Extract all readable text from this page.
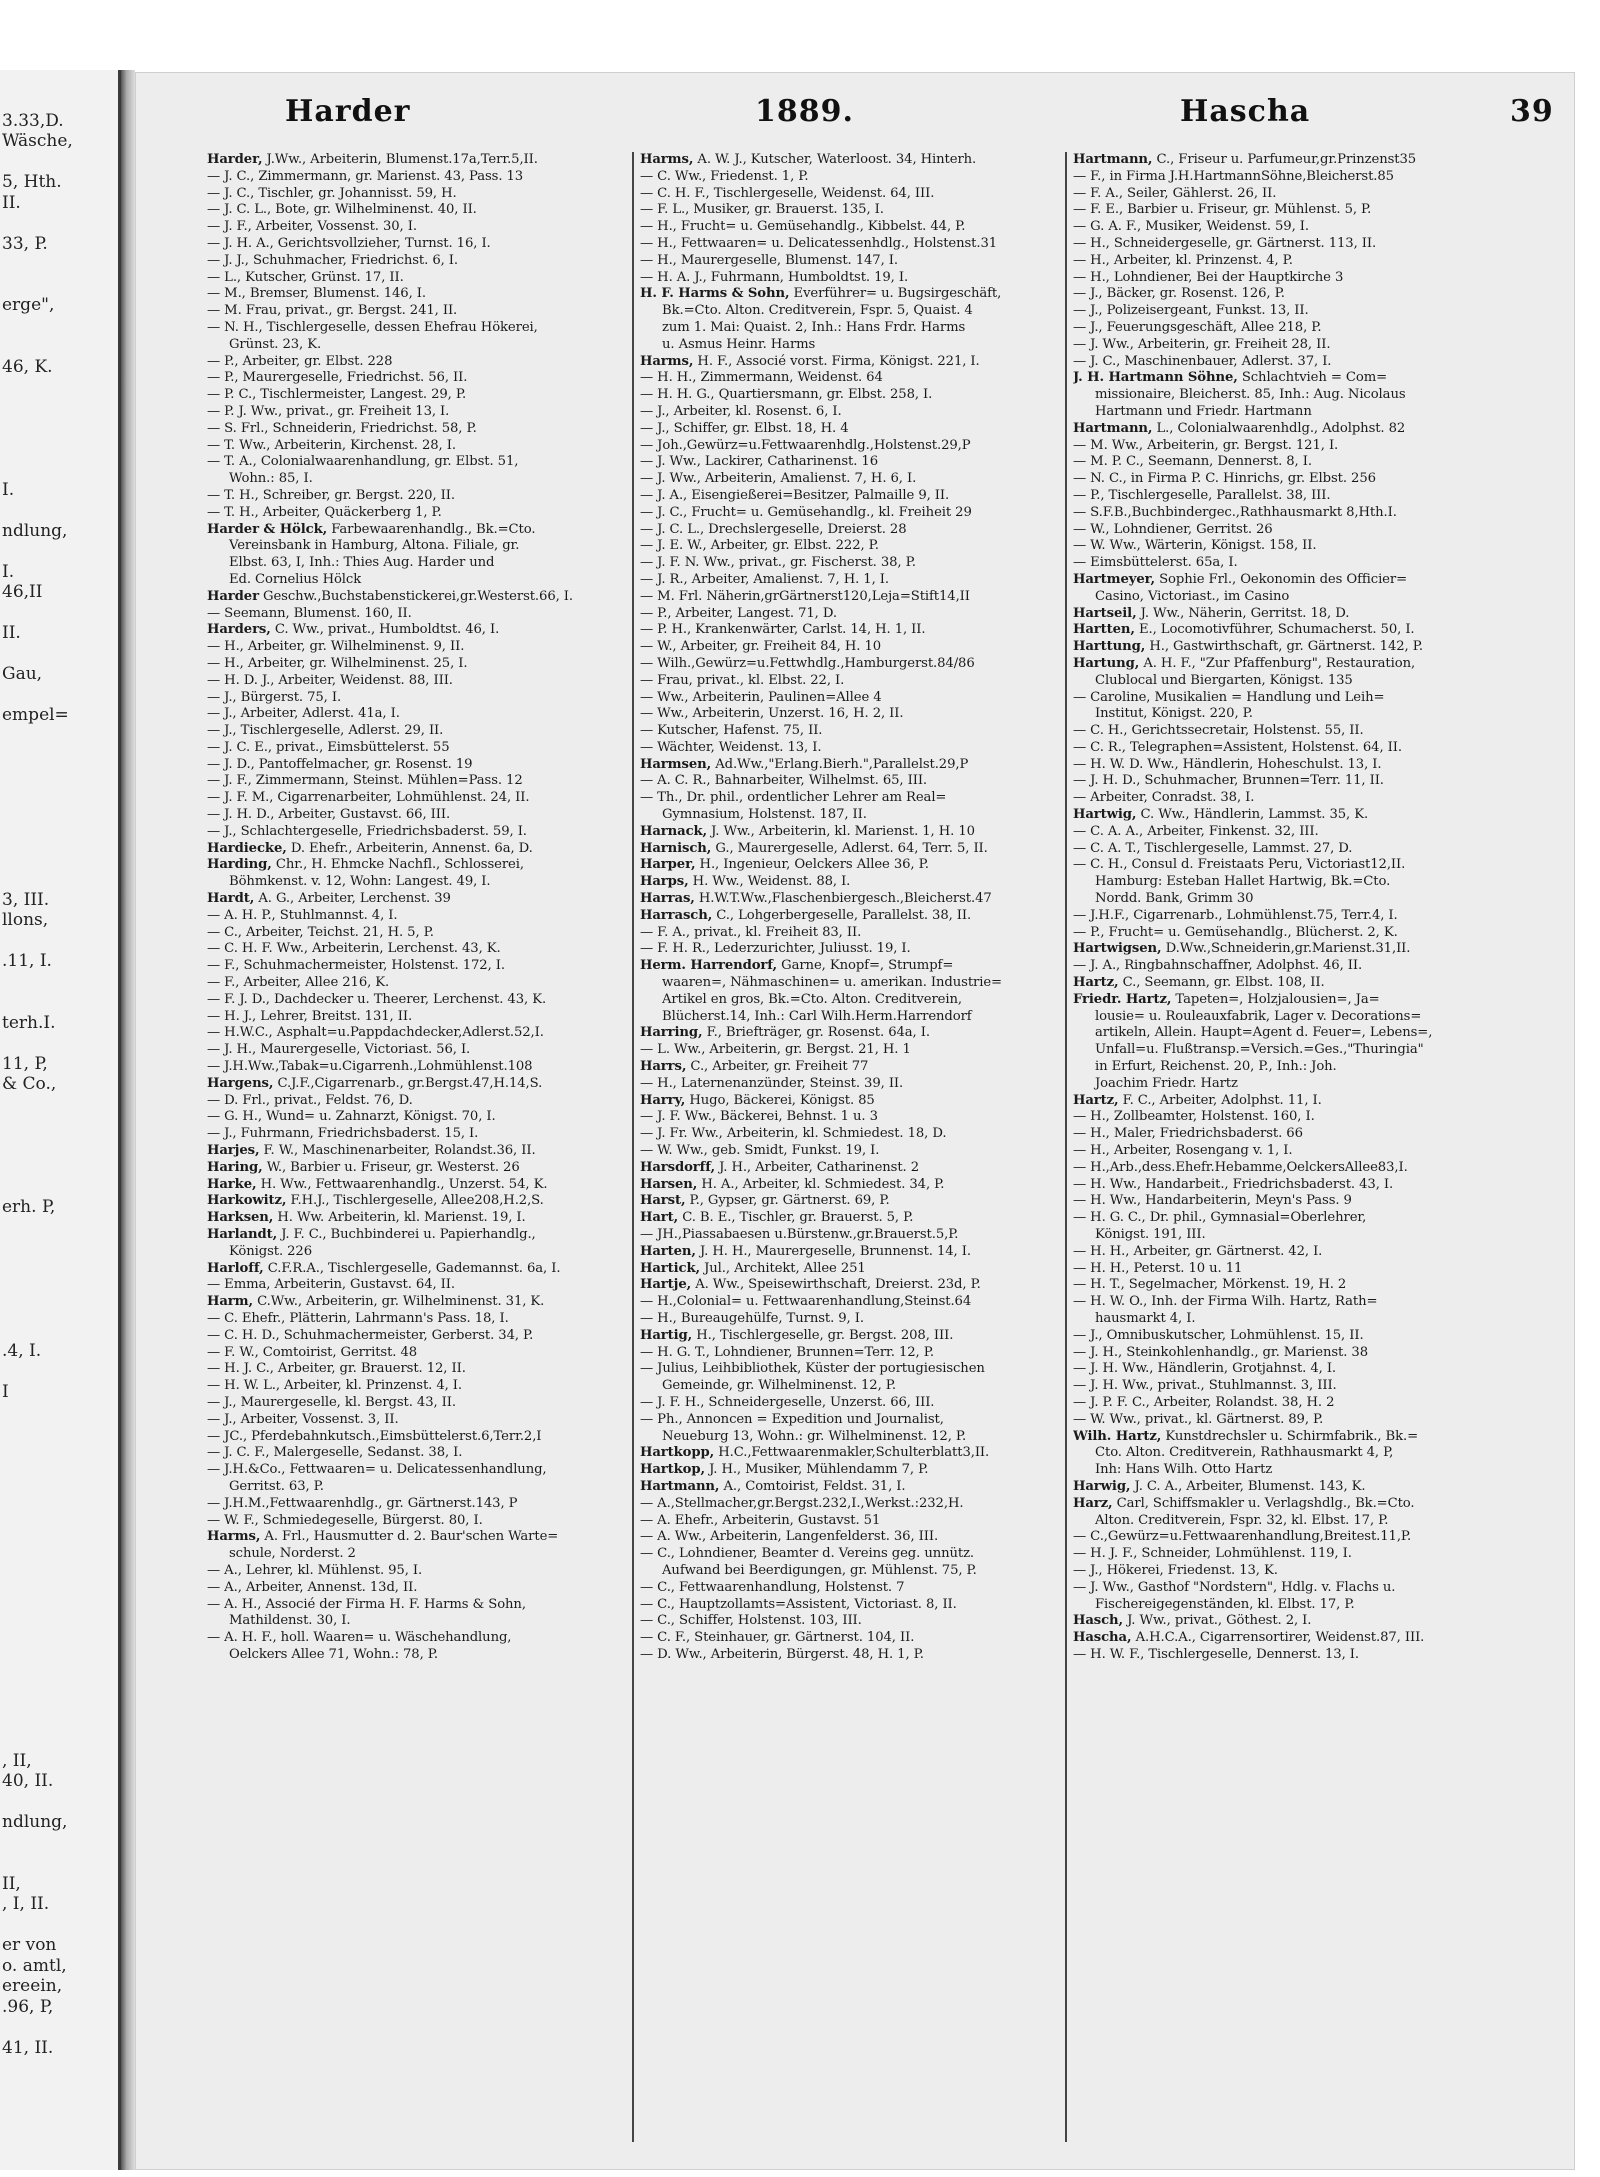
3.33,D.
Wäsche,
5, Hth.
II.
33, P.
erge",
46, K.
I.
ndlung,
I.
46,II
II.
Gau,
empel=
3, III.
llons,
.11, I.
terh.I.
11, P,
& Co.,
erh. P,
.4, I.
I
, II,
40, II.
ndlung,
II,
, I, II.
er von
o. amtl,
ereein,
.96, P,
41, II.
Harder	1889.	Hascha	39
Harder, J.Ww., Arbeiterin, Blumenst.17a,Terr.5,II.
— J. C., Zimmermann, gr. Marienst. 43, Pass. 13
— J. C., Tischler, gr. Johannisst. 59, H.
— J. C. L., Bote, gr. Wilhelminenst. 40, II.
— J. F., Arbeiter, Vossenst. 30, I.
— J. H. A., Gerichtsvollzieher, Turnst. 16, I.
— J. J., Schuhmacher, Friedrichst. 6, I.
— L., Kutscher, Grünst. 17, II.
— M., Bremser, Blumenst. 146, I.
— M. Frau, privat., gr. Bergst. 241, II.
— N. H., Tischlergeselle, dessen Ehefrau Hökerei,
Grünst. 23, K.
— P., Arbeiter, gr. Elbst. 228
— P., Maurergeselle, Friedrichst. 56, II.
— P. C., Tischlermeister, Langest. 29, P.
— P. J. Ww., privat., gr. Freiheit 13, I.
— S. Frl., Schneiderin, Friedrichst. 58, P.
— T. Ww., Arbeiterin, Kirchenst. 28, I.
— T. A., Colonialwaarenhandlung, gr. Elbst. 51,
Wohn.: 85, I.
— T. H., Schreiber, gr. Bergst. 220, II.
— T. H., Arbeiter, Quäckerberg 1, P.
Harder & Hölck, Farbewaarenhandlg., Bk.=Cto.
Vereinsbank in Hamburg, Altona. Filiale, gr.
Elbst. 63, I, Inh.: Thies Aug. Harder und
Ed. Cornelius Hölck
Harder Geschw.,Buchstabenstickerei,gr.Westerst.66, I.
— Seemann, Blumenst. 160, II.
Harders, C. Ww., privat., Humboldtst. 46, I.
— H., Arbeiter, gr. Wilhelminenst. 9, II.
— H., Arbeiter, gr. Wilhelminenst. 25, I.
— H. D. J., Arbeiter, Weidenst. 88, III.
— J., Bürgerst. 75, I.
— J., Arbeiter, Adlerst. 41a, I.
— J., Tischlergeselle, Adlerst. 29, II.
— J. C. E., privat., Eimsbüttelerst. 55
— J. D., Pantoffelmacher, gr. Rosenst. 19
— J. F., Zimmermann, Steinst. Mühlen=Pass. 12
— J. F. M., Cigarrenarbeiter, Lohmühlenst. 24, II.
— J. H. D., Arbeiter, Gustavst. 66, III.
— J., Schlachtergeselle, Friedrichsbaderst. 59, I.
Hardiecke, D. Ehefr., Arbeiterin, Annenst. 6a, D.
Harding, Chr., H. Ehmcke Nachfl., Schlosserei,
Böhmkenst. v. 12, Wohn: Langest. 49, I.
Hardt, A. G., Arbeiter, Lerchenst. 39
— A. H. P., Stuhlmannst. 4, I.
— C., Arbeiter, Teichst. 21, H. 5, P.
— C. H. F. Ww., Arbeiterin, Lerchenst. 43, K.
— F., Schuhmachermeister, Holstenst. 172, I.
— F., Arbeiter, Allee 216, K.
— F. J. D., Dachdecker u. Theerer, Lerchenst. 43, K.
— H. J., Lehrer, Breitst. 131, II.
— H.W.C., Asphalt=u.Pappdachdecker,Adlerst.52,I.
— J. H., Maurergeselle, Victoriast. 56, I.
— J.H.Ww.,Tabak=u.Cigarrenh.,Lohmühlenst.108
Hargens, C.J.F.,Cigarrenarb., gr.Bergst.47,H.14,S.
— D. Frl., privat., Feldst. 76, D.
— G. H., Wund= u. Zahnarzt, Königst. 70, I.
— J., Fuhrmann, Friedrichsbaderst. 15, I.
Harjes, F. W., Maschinenarbeiter, Rolandst.36, II.
Haring, W., Barbier u. Friseur, gr. Westerst. 26
Harke, H. Ww., Fettwaarenhandlg., Unzerst. 54, K.
Harkowitz, F.H.J., Tischlergeselle, Allee208,H.2,S.
Harksen, H. Ww. Arbeiterin, kl. Marienst. 19, I.
Harlandt, J. F. C., Buchbinderei u. Papierhandlg.,
Königst. 226
Harloff, C.F.R.A., Tischlergeselle, Gademannst. 6a, I.
— Emma, Arbeiterin, Gustavst. 64, II.
Harm, C.Ww., Arbeiterin, gr. Wilhelminenst. 31, K.
— C. Ehefr., Plätterin, Lahrmann's Pass. 18, I.
— C. H. D., Schuhmachermeister, Gerberst. 34, P.
— F. W., Comtoirist, Gerritst. 48
— H. J. C., Arbeiter, gr. Brauerst. 12, II.
— H. W. L., Arbeiter, kl. Prinzenst. 4, I.
— J., Maurergeselle, kl. Bergst. 43, II.
— J., Arbeiter, Vossenst. 3, II.
— JC., Pferdebahnkutsch.,Eimsbüttelerst.6,Terr.2,I
— J. C. F., Malergeselle, Sedanst. 38, I.
— J.H.&Co., Fettwaaren= u. Delicatessenhandlung,
Gerritst. 63, P.
— J.H.M.,Fettwaarenhdlg., gr. Gärtnerst.143, P
— W. F., Schmiedegeselle, Bürgerst. 80, I.
Harms, A. Frl., Hausmutter d. 2. Baur'schen Warte=
schule, Norderst. 2
— A., Lehrer, kl. Mühlenst. 95, I.
— A., Arbeiter, Annenst. 13d, II.
— A. H., Associé der Firma H. F. Harms & Sohn,
Mathildenst. 30, I.
— A. H. F., holl. Waaren= u. Wäschehandlung,
Oelckers Allee 71, Wohn.: 78, P.
Harms, A. W. J., Kutscher, Waterloost. 34, Hinterh.
— C. Ww., Friedenst. 1, P.
— C. H. F., Tischlergeselle, Weidenst. 64, III.
— F. L., Musiker, gr. Brauerst. 135, I.
— H., Frucht= u. Gemüsehandlg., Kibbelst. 44, P.
— H., Fettwaaren= u. Delicatessenhdlg., Holstenst.31
— H., Maurergeselle, Blumenst. 147, I.
— H. A. J., Fuhrmann, Humboldtst. 19, I.
H. F. Harms & Sohn, Everführer= u. Bugsirgeschäft,
Bk.=Cto. Alton. Creditverein, Fspr. 5, Quaist. 4
zum 1. Mai: Quaist. 2, Inh.: Hans Frdr. Harms
u. Asmus Heinr. Harms
Harms, H. F., Associé vorst. Firma, Königst. 221, I.
— H. H., Zimmermann, Weidenst. 64
— H. H. G., Quartiersmann, gr. Elbst. 258, I.
— J., Arbeiter, kl. Rosenst. 6, I.
— J., Schiffer, gr. Elbst. 18, H. 4
— Joh.,Gewürz=u.Fettwaarenhdlg.,Holstenst.29,P
— J. Ww., Lackirer, Catharinenst. 16
— J. Ww., Arbeiterin, Amalienst. 7, H. 6, I.
— J. A., Eisengießerei=Besitzer, Palmaille 9, II.
— J. C., Frucht= u. Gemüsehandlg., kl. Freiheit 29
— J. C. L., Drechslergeselle, Dreierst. 28
— J. E. W., Arbeiter, gr. Elbst. 222, P.
— J. F. N. Ww., privat., gr. Fischerst. 38, P.
— J. R., Arbeiter, Amalienst. 7, H. 1, I.
— M. Frl. Näherin,grGärtnerst120,Leja=Stift14,II
— P., Arbeiter, Langest. 71, D.
— P. H., Krankenwärter, Carlst. 14, H. 1, II.
— W., Arbeiter, gr. Freiheit 84, H. 10
— Wilh.,Gewürz=u.Fettwhdlg.,Hamburgerst.84/86
— Frau, privat., kl. Elbst. 22, I.
— Ww., Arbeiterin, Paulinen=Allee 4
— Ww., Arbeiterin, Unzerst. 16, H. 2, II.
— Kutscher, Hafenst. 75, II.
— Wächter, Weidenst. 13, I.
Harmsen, Ad.Ww.,"Erlang.Bierh.",Parallelst.29,P
— A. C. R., Bahnarbeiter, Wilhelmst. 65, III.
— Th., Dr. phil., ordentlicher Lehrer am Real=
Gymnasium, Holstenst. 187, II.
Harnack, J. Ww., Arbeiterin, kl. Marienst. 1, H. 10
Harnisch, G., Maurergeselle, Adlerst. 64, Terr. 5, II.
Harper, H., Ingenieur, Oelckers Allee 36, P.
Harps, H. Ww., Weidenst. 88, I.
Harras, H.W.T.Ww.,Flaschenbiergesch.,Bleicherst.47
Harrasch, C., Lohgerbergeselle, Parallelst. 38, II.
— F. A., privat., kl. Freiheit 83, II.
— F. H. R., Lederzurichter, Juliusst. 19, I.
Herm. Harrendorf, Garne, Knopf=, Strumpf=
waaren=, Nähmaschinen= u. amerikan. Industrie=
Artikel en gros, Bk.=Cto. Alton. Creditverein,
Blücherst.14, Inh.: Carl Wilh.Herm.Harrendorf
Harring, F., Briefträger, gr. Rosenst. 64a, I.
— L. Ww., Arbeiterin, gr. Bergst. 21, H. 1
Harrs, C., Arbeiter, gr. Freiheit 77
— H., Laternenanzünder, Steinst. 39, II.
Harry, Hugo, Bäckerei, Königst. 85
— J. F. Ww., Bäckerei, Behnst. 1 u. 3
— J. Fr. Ww., Arbeiterin, kl. Schmiedest. 18, D.
— W. Ww., geb. Smidt, Funkst. 19, I.
Harsdorff, J. H., Arbeiter, Catharinenst. 2
Harsen, H. A., Arbeiter, kl. Schmiedest. 34, P.
Harst, P., Gypser, gr. Gärtnerst. 69, P.
Hart, C. B. E., Tischler, gr. Brauerst. 5, P.
— JH.,Piassabaesen u.Bürstenw.,gr.Brauerst.5,P.
Harten, J. H. H., Maurergeselle, Brunnenst. 14, I.
Hartick, Jul., Architekt, Allee 251
Hartje, A. Ww., Speisewirthschaft, Dreierst. 23d, P.
— H.,Colonial= u. Fettwaarenhandlung,Steinst.64
— H., Bureaugehülfe, Turnst. 9, I.
Hartig, H., Tischlergeselle, gr. Bergst. 208, III.
— H. G. T., Lohndiener, Brunnen=Terr. 12, P.
— Julius, Leihbibliothek, Küster der portugiesischen
Gemeinde, gr. Wilhelminenst. 12, P.
— J. F. H., Schneidergeselle, Unzerst. 66, III.
— Ph., Annoncen = Expedition und Journalist,
Neueburg 13, Wohn.: gr. Wilhelminenst. 12, P.
Hartkopp, H.C.,Fettwaarenmakler,Schulterblatt3,II.
Hartkop, J. H., Musiker, Mühlendamm 7, P.
Hartmann, A., Comtoirist, Feldst. 31, I.
— A.,Stellmacher,gr.Bergst.232,I.,Werkst.:232,H.
— A. Ehefr., Arbeiterin, Gustavst. 51
— A. Ww., Arbeiterin, Langenfelderst. 36, III.
— C., Lohndiener, Beamter d. Vereins geg. unnütz.
Aufwand bei Beerdigungen, gr. Mühlenst. 75, P.
— C., Fettwaarenhandlung, Holstenst. 7
— C., Hauptzollamts=Assistent, Victoriast. 8, II.
— C., Schiffer, Holstenst. 103, III.
— C. F., Steinhauer, gr. Gärtnerst. 104, II.
— D. Ww., Arbeiterin, Bürgerst. 48, H. 1, P.
Hartmann, C., Friseur u. Parfumeur,gr.Prinzenst35
— F., in Firma J.H.HartmannSöhne,Bleicherst.85
— F. A., Seiler, Gählerst. 26, II.
— F. E., Barbier u. Friseur, gr. Mühlenst. 5, P.
— G. A. F., Musiker, Weidenst. 59, I.
— H., Schneidergeselle, gr. Gärtnerst. 113, II.
— H., Arbeiter, kl. Prinzenst. 4, P.
— H., Lohndiener, Bei der Hauptkirche 3
— J., Bäcker, gr. Rosenst. 126, P.
— J., Polizeisergeant, Funkst. 13, II.
— J., Feuerungsgeschäft, Allee 218, P.
— J. Ww., Arbeiterin, gr. Freiheit 28, II.
— J. C., Maschinenbauer, Adlerst. 37, I.
J. H. Hartmann Söhne, Schlachtvieh = Com=
missionaire, Bleicherst. 85, Inh.: Aug. Nicolaus
Hartmann und Friedr. Hartmann
Hartmann, L., Colonialwaarenhdlg., Adolphst. 82
— M. Ww., Arbeiterin, gr. Bergst. 121, I.
— M. P. C., Seemann, Dennerst. 8, I.
— N. C., in Firma P. C. Hinrichs, gr. Elbst. 256
— P., Tischlergeselle, Parallelst. 38, III.
— S.F.B.,Buchbindergeс.,Rathhausmarkt 8,Hth.I.
— W., Lohndiener, Gerritst. 26
— W. Ww., Wärterin, Königst. 158, II.
— Eimsbüttelerst. 65a, I.
Hartmeyer, Sophie Frl., Oekonomin des Officier=
Casino, Victoriast., im Casino
Hartseil, J. Ww., Näherin, Gerritst. 18, D.
Hartten, E., Locomotivführer, Schumacherst. 50, I.
Harttung, H., Gastwirthschaft, gr. Gärtnerst. 142, P.
Hartung, A. H. F., "Zur Pfaffenburg", Restauration,
Clublocal und Biergarten, Königst. 135
— Caroline, Musikalien = Handlung und Leih=
Institut, Königst. 220, P.
— C. H., Gerichtssecretair, Holstenst. 55, II.
— C. R., Telegraphen=Assistent, Holstenst. 64, II.
— H. W. D. Ww., Händlerin, Hoheschulst. 13, I.
— J. H. D., Schuhmacher, Brunnen=Terr. 11, II.
— Arbeiter, Conradst. 38, I.
Hartwig, C. Ww., Händlerin, Lammst. 35, K.
— C. A. A., Arbeiter, Finkenst. 32, III.
— C. A. T., Tischlergeselle, Lammst. 27, D.
— C. H., Consul d. Freistaats Peru, Victoriast12,II.
Hamburg: Esteban Hallet Hartwig, Bk.=Cto.
Nordd. Bank, Grimm 30
— J.H.F., Cigarrenarb., Lohmühlenst.75, Terr.4, I.
— P., Frucht= u. Gemüsehandlg., Blücherst. 2, K.
Hartwigsen, D.Ww.,Schneiderin,gr.Marienst.31,II.
— J. A., Ringbahnschaffner, Adolphst. 46, II.
Hartz, C., Seemann, gr. Elbst. 108, II.
Friedr. Hartz, Tapeten=, Holzjalousien=, Ja=
lousie= u. Rouleauxfabrik, Lager v. Decorations=
artikeln, Allein. Haupt=Agent d. Feuer=, Lebens=,
Unfall=u. Flußtransp.=Versich.=Ges.,"Thuringia"
in Erfurt, Reichenst. 20, P., Inh.: Joh.
Joachim Friedr. Hartz
Hartz, F. C., Arbeiter, Adolphst. 11, I.
— H., Zollbeamter, Holstenst. 160, I.
— H., Maler, Friedrichsbaderst. 66
— H., Arbeiter, Rosengang v. 1, I.
— H.,Arb.,dess.Ehefr.Hebamme,OelckersAllee83,I.
— H. Ww., Handarbeit., Friedrichsbaderst. 43, I.
— H. Ww., Handarbeiterin, Meyn's Pass. 9
— H. G. C., Dr. phil., Gymnasial=Oberlehrer,
Königst. 191, III.
— H. H., Arbeiter, gr. Gärtnerst. 42, I.
— H. H., Peterst. 10 u. 11
— H. T., Segelmacher, Mörkenst. 19, H. 2
— H. W. O., Inh. der Firma Wilh. Hartz, Rath=
hausmarkt 4, I.
— J., Omnibuskutscher, Lohmühlenst. 15, II.
— J. H., Steinkohlenhandlg., gr. Marienst. 38
— J. H. Ww., Händlerin, Grotjahnst. 4, I.
— J. H. Ww., privat., Stuhlmannst. 3, III.
— J. P. F. C., Arbeiter, Rolandst. 38, H. 2
— W. Ww., privat., kl. Gärtnerst. 89, P.
Wilh. Hartz, Kunstdrechsler u. Schirmfabrik., Bk.=
Cto. Alton. Creditverein, Rathhausmarkt 4, P,
Inh: Hans Wilh. Otto Hartz
Harwig, J. C. A., Arbeiter, Blumenst. 143, K.
Harz, Carl, Schiffsmakler u. Verlagshdlg., Bk.=Cto.
Alton. Creditverein, Fspr. 32, kl. Elbst. 17, P.
— C.,Gewürz=u.Fettwaarenhandlung,Breitest.11,P.
— H. J. F., Schneider, Lohmühlenst. 119, I.
— J., Hökerei, Friedenst. 13, K.
— J. Ww., Gasthof "Nordstern", Hdlg. v. Flachs u.
Fischereigegenständen, kl. Elbst. 17, P.
Hasch, J. Ww., privat., Göthest. 2, I.
Hascha, A.H.C.A., Cigarrensortirer, Weidenst.87, III.
— H. W. F., Tischlergeselle, Dennerst. 13, I.
